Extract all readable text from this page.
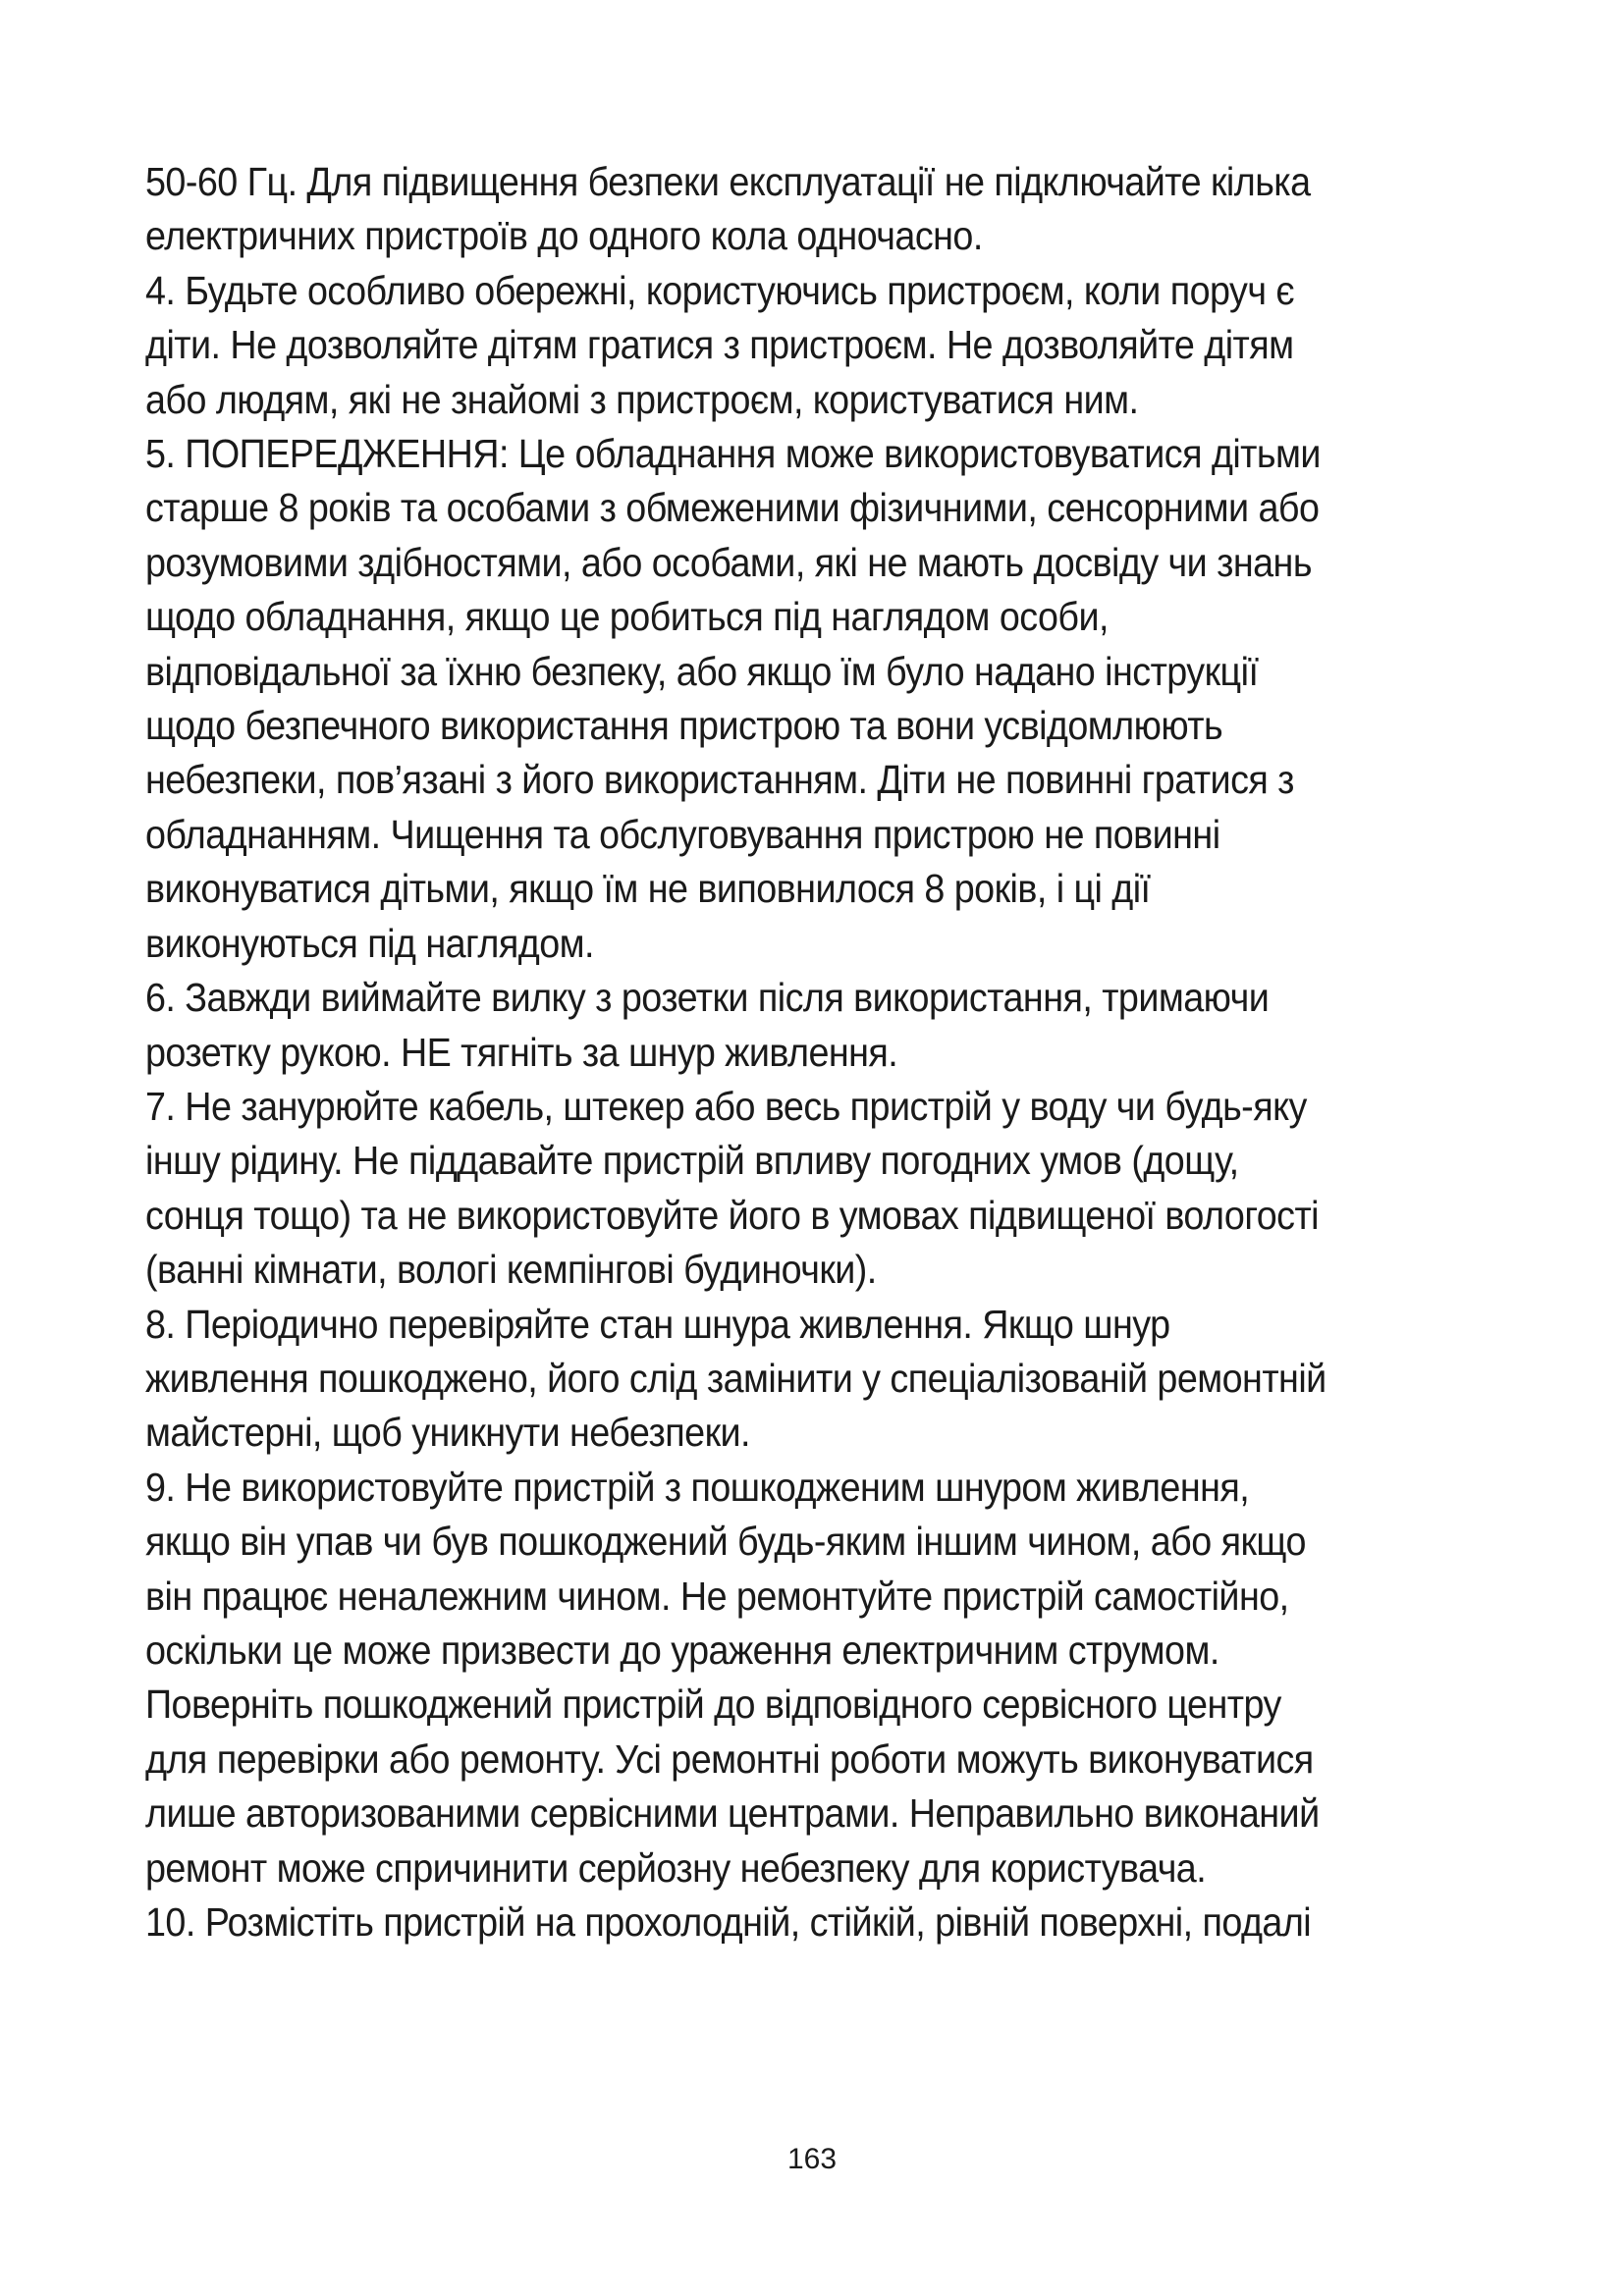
50-60 Гц. Для підвищення безпеки експлуатації не підключайте кілька
електричних пристроїв до одного кола одночасно.
4. Будьте особливо обережні, користуючись пристроєм, коли поруч є
діти. Не дозволяйте дітям гратися з пристроєм. Не дозволяйте дітям
або людям, які не знайомі з пристроєм, користуватися ним.
5. ПОПЕРЕДЖЕННЯ: Це обладнання може використовуватися дітьми
старше 8 років та особами з обмеженими фізичними, сенсорними або
розумовими здібностями, або особами, які не мають досвіду чи знань
щодо обладнання, якщо це робиться під наглядом особи,
відповідальної за їхню безпеку, або якщо їм було надано інструкції
щодо безпечного використання пристрою та вони усвідомлюють
небезпеки, пов’язані з його використанням. Діти не повинні гратися з
обладнанням. Чищення та обслуговування пристрою не повинні
виконуватися дітьми, якщо їм не виповнилося 8 років, і ці дії
виконуються під наглядом.
6. Завжди виймайте вилку з розетки після використання, тримаючи
розетку рукою. НЕ тягніть за шнур живлення.
7. Не занурюйте кабель, штекер або весь пристрій у воду чи будь-яку
іншу рідину. Не піддавайте пристрій впливу погодних умов (дощу,
сонця тощо) та не використовуйте його в умовах підвищеної вологості
(ванні кімнати, вологі кемпінгові будиночки).
8. Періодично перевіряйте стан шнура живлення. Якщо шнур
живлення пошкоджено, його слід замінити у спеціалізованій ремонтній
майстерні, щоб уникнути небезпеки.
9. Не використовуйте пристрій з пошкодженим шнуром живлення,
якщо він упав чи був пошкоджений будь-яким іншим чином, або якщо
він працює неналежним чином. Не ремонтуйте пристрій самостійно,
оскільки це може призвести до ураження електричним струмом.
Поверніть пошкоджений пристрій до відповідного сервісного центру
для перевірки або ремонту. Усі ремонтні роботи можуть виконуватися
лише авторизованими сервісними центрами. Неправильно виконаний
ремонт може спричинити серйозну небезпеку для користувача.
10. Розмістіть пристрій на прохолодній, стійкій, рівній поверхні, подалі
163
